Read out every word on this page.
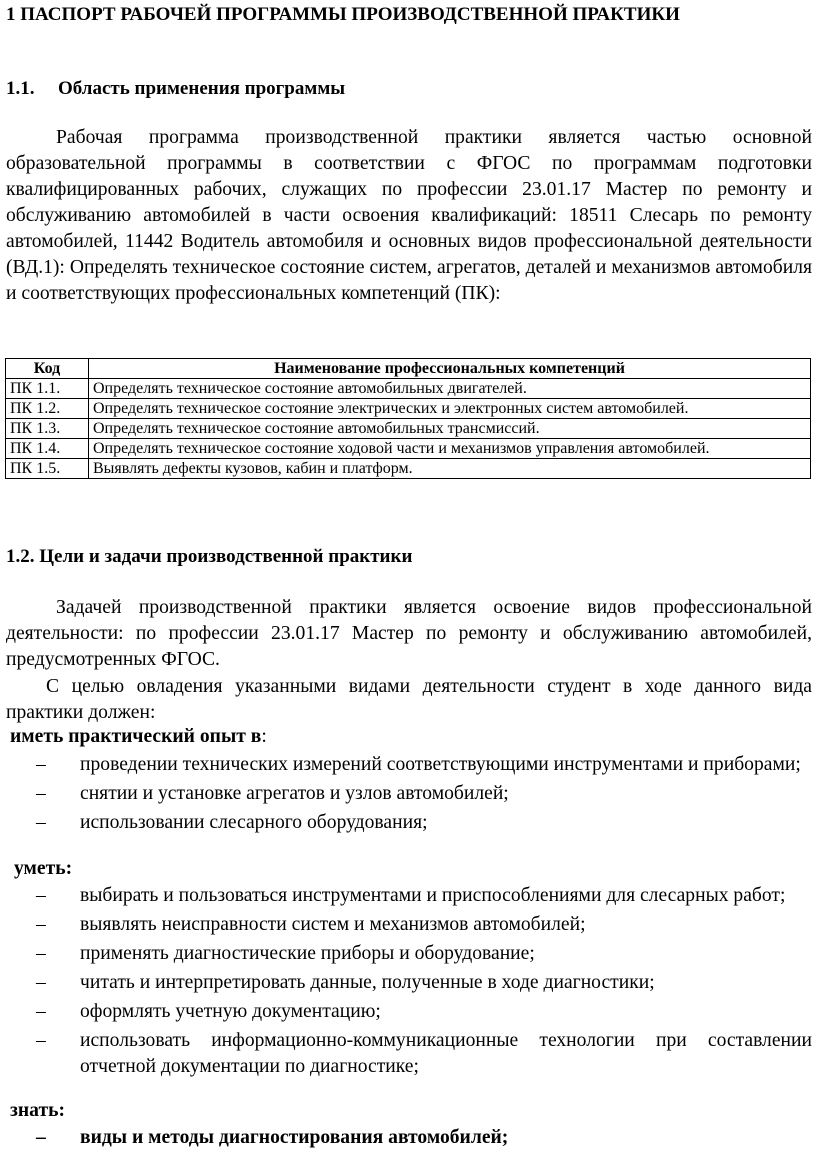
1 ПАСПОРТ РАБОЧЕЙ ПРОГРАММЫ ПРОИЗВОДСТВЕННОЙ ПРАКТИКИ
1.1. Область применения программы
Рабочая программа производственной практики является частью основной образовательной программы в соответствии с ФГОС по программам подготовки квалифицированных рабочих, служащих по профессии 23.01.17 Мастер по ремонту и обслуживанию автомобилей в части освоения квалификаций: 18511 Слесарь по ремонту автомобилей, 11442 Водитель автомобиля и основных видов профессиональной деятельности (ВД.1): Определять техническое состояние систем, агрегатов, деталей и механизмов автомобиля и соответствующих профессиональных компетенций (ПК):
Код	Наименование профессиональных компетенций
ПК 1.1.	Определять техническое состояние автомобильных двигателей.
ПК 1.2.	Определять техническое состояние электрических и электронных систем автомобилей.
ПК 1.3.	Определять техническое состояние автомобильных трансмиссий.
ПК 1.4.	Определять техническое состояние ходовой части и механизмов управления автомобилей.
ПК 1.5.	Выявлять дефекты кузовов, кабин и платформ.
1.2. Цели и задачи производственной практики
Задачей производственной практики является освоение видов профессиональной деятельности: по профессии 23.01.17 Мастер по ремонту и обслуживанию автомобилей, предусмотренных ФГОС.
С целью овладения указанными видами деятельности студент в ходе данного вида практики должен:
иметь практический опыт в:
– проведении технических измерений соответствующими инструментами и приборами;
– снятии и установке агрегатов и узлов автомобилей;
– использовании слесарного оборудования;
уметь:
– выбирать и пользоваться инструментами и приспособлениями для слесарных работ;
– выявлять неисправности систем и механизмов автомобилей;
– применять диагностические приборы и оборудование;
– читать и интерпретировать данные, полученные в ходе диагностики;
– оформлять учетную документацию;
– использовать информационно-коммуникационные технологии при составлении отчетной документации по диагностике;
знать:
– виды и методы диагностирования автомобилей;
